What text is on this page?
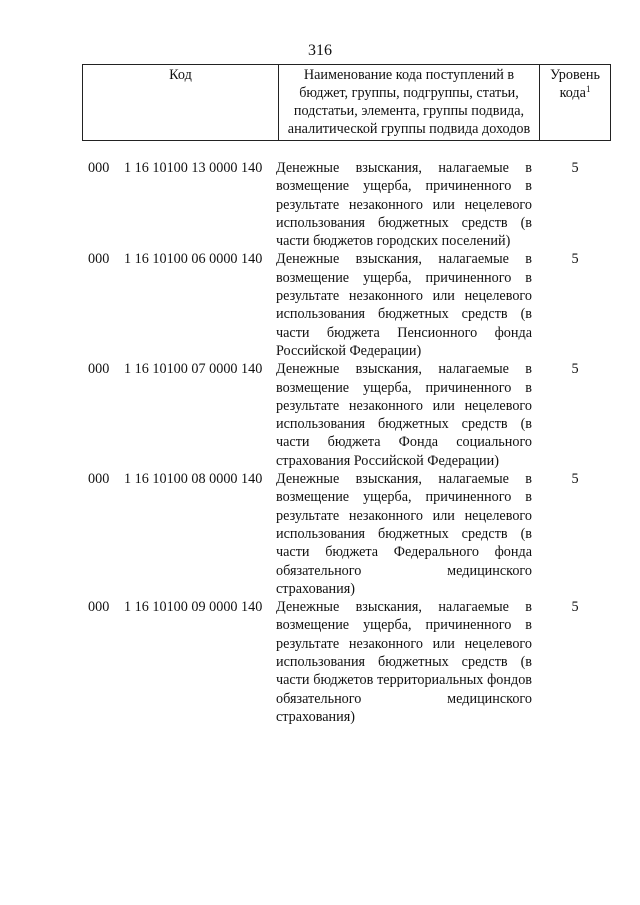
316
Код	Наименование кода поступлений в бюджет, группы, подгруппы, статьи, подстатьи, элемента, группы подвида, аналитической группы подвида доходов	Уровень кода$^1$
000	1 16 10100 13 0000 140 Денежные взыскания, налагаемые в возмещение ущерба, причиненного в результате незаконного или нецелевого использования бюджетных средств (в части бюджетов городских поселений)
5
000	1 16 10100 06 0000 140 Денежные взыскания, налагаемые в возмещение ущерба, причиненного в результате незаконного или нецелевого использования бюджетных средств (в части бюджета Пенсионного фонда Российской Федерации)
5
000	1 16 10100 07 0000 140 Денежные взыскания, налагаемые в возмещение ущерба, причиненного в результате незаконного или нецелевого использования бюджетных средств (в части бюджета Фонда социального страхования Российской Федерации)
5
000	1 16 10100 08 0000 140 Денежные взыскания, налагаемые в возмещение ущерба, причиненного в результате незаконного или нецелевого использования бюджетных средств (в части бюджета Федерального фонда обязательного медицинского страхования)
5
000	1 16 10100 09 0000 140 Денежные взыскания, налагаемые в возмещение ущерба, причиненного в результате незаконного или нецелевого использования бюджетных средств (в части бюджетов территориальных фондов обязательного медицинского страхования)
5
